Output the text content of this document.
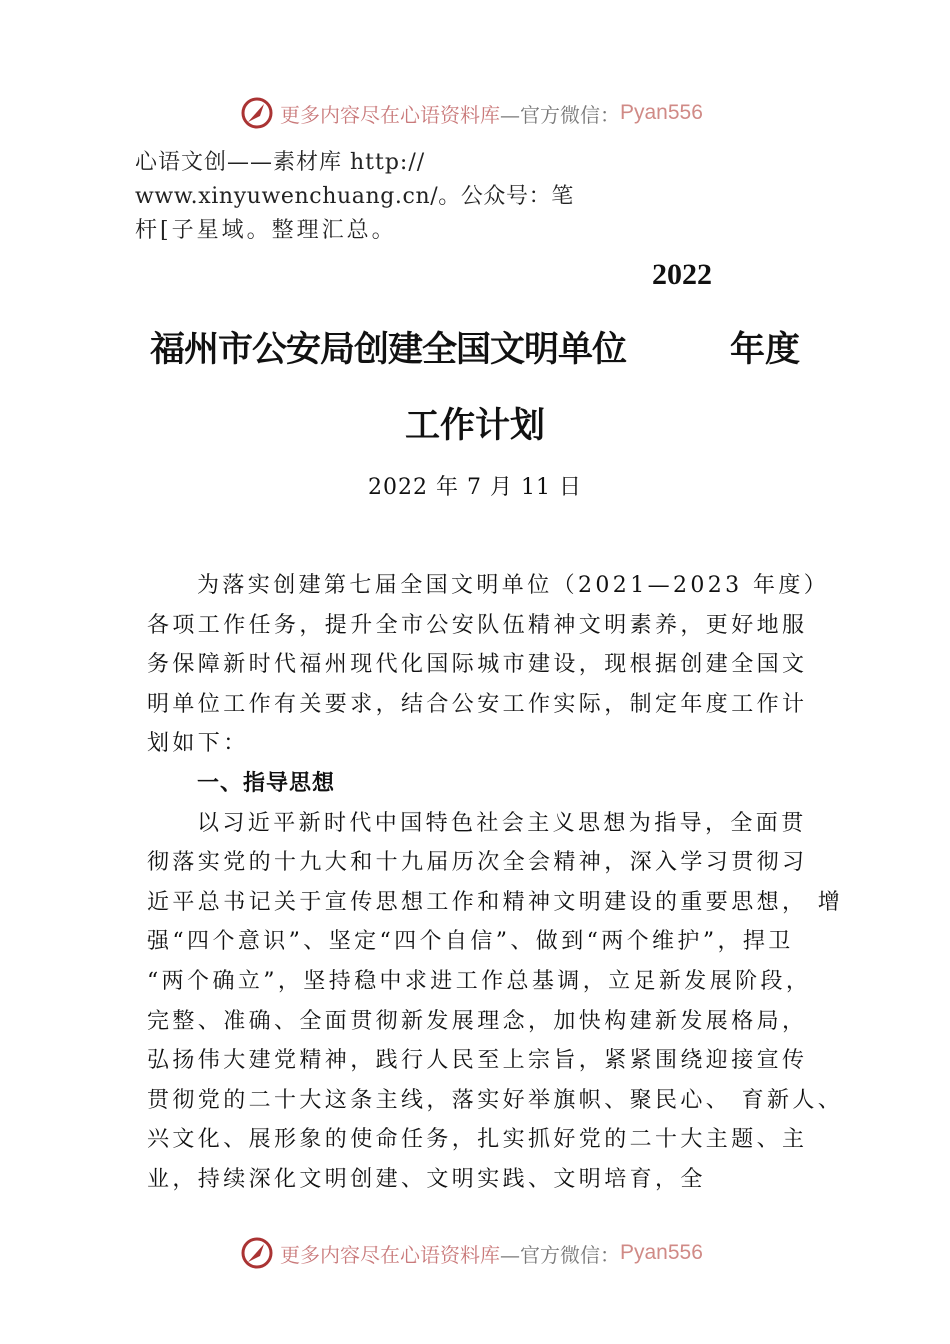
更多内容尽在心语资料库 —官方微信： Pyan556
心语文创——素材库 http://
www.xinyuwenchuang.cn/。公众号：笔
杆[子星域。整理汇总。
2022
福州市公安局创建全国文明单位	年度
工作计划
2022 年 7 月 11 日
为落实创建第七届全国文明单位（2021—2023 年度）
各项工作任务，提升全市公安队伍精神文明素养，更好地服
务保障新时代福州现代化国际城市建设，现根据创建全国文
明单位工作有关要求，结合公安工作实际，制定年度工作计
划如下：
一、指导思想
以习近平新时代中国特色社会主义思想为指导，全面贯
彻落实党的十九大和十九届历次全会精神，深入学习贯彻习
近平总书记关于宣传思想工作和精神文明建设的重要思想， 增
强“四个意识”、坚定“四个自信”、做到“两个维护”，捍卫
“两个确立”，坚持稳中求进工作总基调，立足新发展阶段，
完整、准确、全面贯彻新发展理念，加快构建新发展格局，
弘扬伟大建党精神，践行人民至上宗旨，紧紧围绕迎接宣传
贯彻党的二十大这条主线，落实好举旗帜、聚民心、 育新人、
兴文化、展形象的使命任务，扎实抓好党的二十大主题、主
业，持续深化文明创建、文明实践、文明培育，全
更多内容尽在心语资料库 —官方微信： Pyan556
